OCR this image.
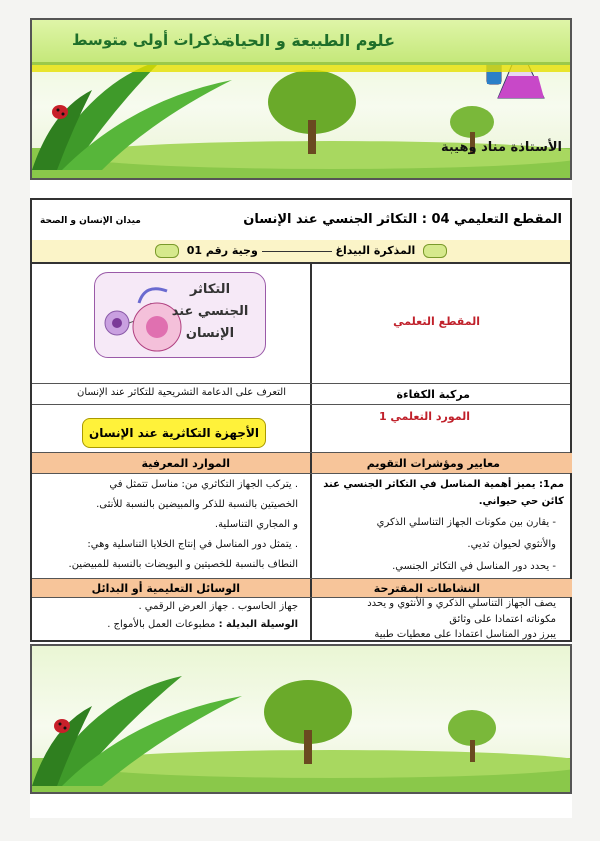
علوم الطبيعة و الحياة
مذكرات أولى متوسط
الأستاذة مناد وهيبة
المقطع التعليمي 04 : التكاثر الجنسي عند الإنسان
ميدان الإنسان و الصحة
المذكرة البيداغ  وجية رقم 01
المقطع التعلمي
التكاثر الجنسي عند الإنسان
مركبة الكفاءة
التعرف على الدعامة التشريحية للتكاثر عند الإنسان
المورد التعلمي 1
الأجهزة التكاثرية عند الإنسان
معايير ومؤشرات التقويم
الموارد المعرفية
مم1: يميز أهمية المناسل في التكاثر الجنسي عند كائن حي حيواني.
- يقارن بين مكونات الجهاز التناسلي الذكري
والأنثوي لحيوان ثديي.
- يحدد دور المناسل في التكاثر الجنسي.
. يتركب الجهاز التكاثري من: مناسل تتمثل في
الخصيتين بالنسبة للذكر والمبيضين بالنسبة للأنثى.
و المجاري التناسلية.
. يتمثل دور المناسل في إنتاج الخلايا التناسلية وهي:
النطاف بالنسبة للخصيتين و البويضات بالنسبة للمبيضين.
النشاطات المقترحة
الوسائل التعليمية أو البدائل
يصف الجهاز التناسلي الذكري و الأنثوي و يحدد
مكوناته اعتمادا على وثائق
يبرز دور المناسل اعتمادا على معطيات طبية
جهاز الحاسوب . جهاز العرض الرقمي .
الوسيلة البديلة : مطبوعات العمل بالأمواج .
